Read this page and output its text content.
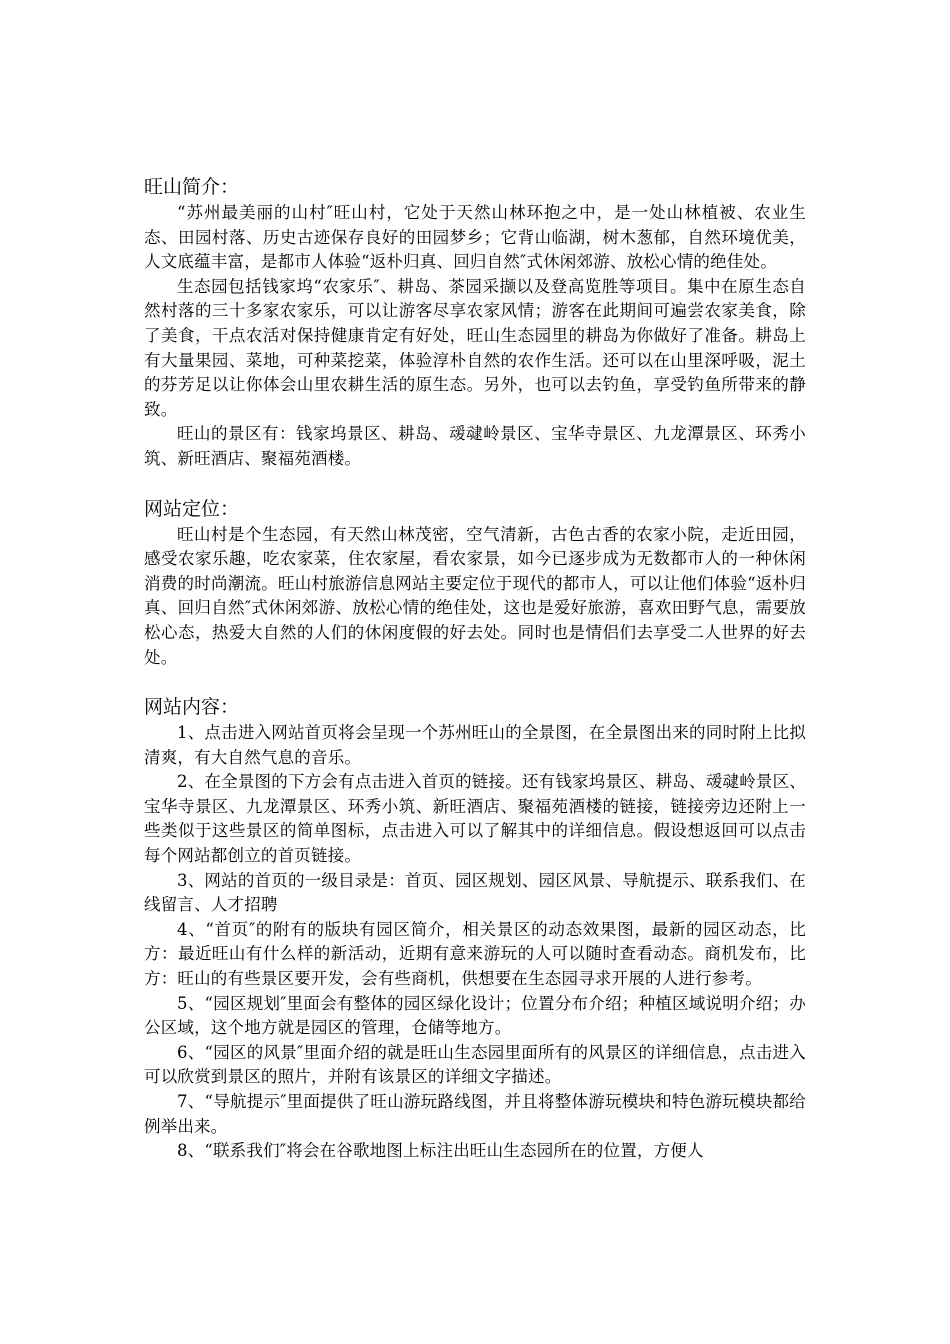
旺山简介：

“苏州最美丽的山村″旺山村，它处于天然山林环抱之中，是一处山林植被、农业生态、田园村落、历史古迹保存良好的田园梦乡；它背山临湖，树木葱郁，自然环境优美，人文底蕴丰富，是都市人体验“返朴归真、回归自然″式休闲郊游、放松心情的绝佳处。

生态园包括钱家坞“农家乐″、耕岛、茶园采撷以及登高览胜等项目。集中在原生态自然村落的三十多家农家乐，可以让游客尽享农家风情；游客在此期间可遍尝农家美食，除了美食，干点农活对保持健康肯定有好处，旺山生态园里的耕岛为你做好了准备。耕岛上有大量果园、菜地，可种菜挖菜，体验淳朴自然的农作生活。还可以在山里深呼吸，泥土的芬芳足以让你体会山里农耕生活的原生态。另外，也可以去钓鱼，享受钓鱼所带来的静致。

旺山的景区有：钱家坞景区、耕岛、叆叇岭景区、宝华寺景区、九龙潭景区、环秀小筑、新旺酒店、聚福苑酒楼。

网站定位：

旺山村是个生态园，有天然山林茂密，空气清新，古色古香的农家小院，走近田园，感受农家乐趣，吃农家菜，住农家屋，看农家景，如今已逐步成为无数都市人的一种休闲消费的时尚潮流。旺山村旅游信息网站主要定位于现代的都市人，可以让他们体验“返朴归真、回归自然″式休闲郊游、放松心情的绝佳处，这也是爱好旅游，喜欢田野气息，需要放松心态，热爱大自然的人们的休闲度假的好去处。同时也是情侣们去享受二人世界的好去处。

网站内容：

1、点击进入网站首页将会呈现一个苏州旺山的全景图，在全景图出来的同时附上比拟清爽，有大自然气息的音乐。

2、在全景图的下方会有点击进入首页的链接。还有钱家坞景区、耕岛、叆叇岭景区、宝华寺景区、九龙潭景区、环秀小筑、新旺酒店、聚福苑酒楼的链接，链接旁边还附上一些类似于这些景区的简单图标，点击进入可以了解其中的详细信息。假设想返回可以点击每个网站都创立的首页链接。

3、网站的首页的一级目录是：首页、园区规划、园区风景、导航提示、联系我们、在线留言、人才招聘

4、“首页″的附有的版块有园区简介，相关景区的动态效果图，最新的园区动态，比方：最近旺山有什么样的新活动，近期有意来游玩的人可以随时查看动态。商机发布，比方：旺山的有些景区要开发，会有些商机，供想要在生态园寻求开展的人进行参考。

5、“园区规划″里面会有整体的园区绿化设计；位置分布介绍；种植区域说明介绍；办公区域，这个地方就是园区的管理，仓储等地方。

6、“园区的风景″里面介绍的就是旺山生态园里面所有的风景区的详细信息，点击进入可以欣赏到景区的照片，并附有该景区的详细文字描述。

7、“导航提示″里面提供了旺山游玩路线图，并且将整体游玩模块和特色游玩模块都给例举出来。

8、“联系我们″将会在谷歌地图上标注出旺山生态园所在的位置，方便人
